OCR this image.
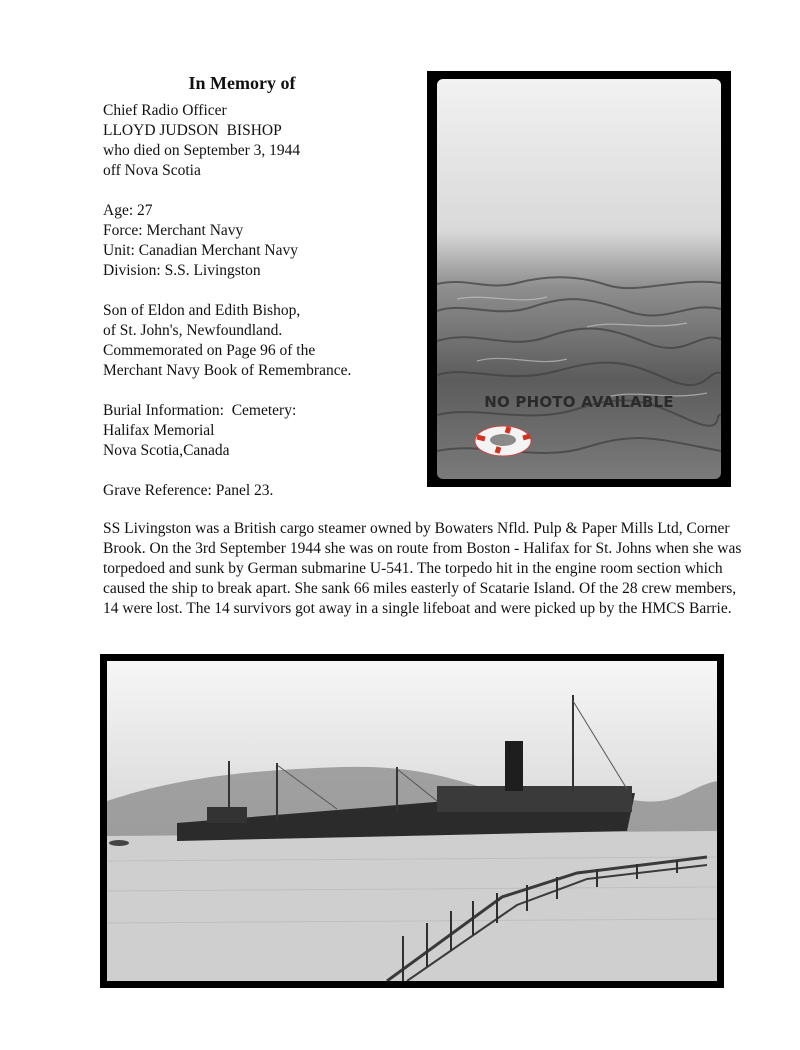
In Memory of
Chief Radio Officer
LLOYD JUDSON  BISHOP
who died on September 3, 1944
off Nova Scotia
Age: 27
Force: Merchant Navy
Unit: Canadian Merchant Navy
Division: S.S. Livingston
Son of Eldon and Edith Bishop,
of St. John's, Newfoundland.
Commemorated on Page 96 of the
Merchant Navy Book of Remembrance.
Burial Information:  Cemetery:
Halifax Memorial
Nova Scotia,Canada
Grave Reference: Panel 23.
NO PHOTO AVAILABLE
SS Livingston was a British cargo steamer owned by Bowaters Nfld. Pulp & Paper Mills Ltd, Corner Brook. On the 3rd September 1944 she was on route from Boston - Halifax for St. Johns when she was torpedoed and sunk by German submarine U-541. The torpedo hit in the engine room section which caused the ship to break apart. She sank 66 miles easterly of Scatarie Island. Of the 28 crew members, 14 were lost. The 14 survivors got away in a single lifeboat and were picked up by the HMCS Barrie.
